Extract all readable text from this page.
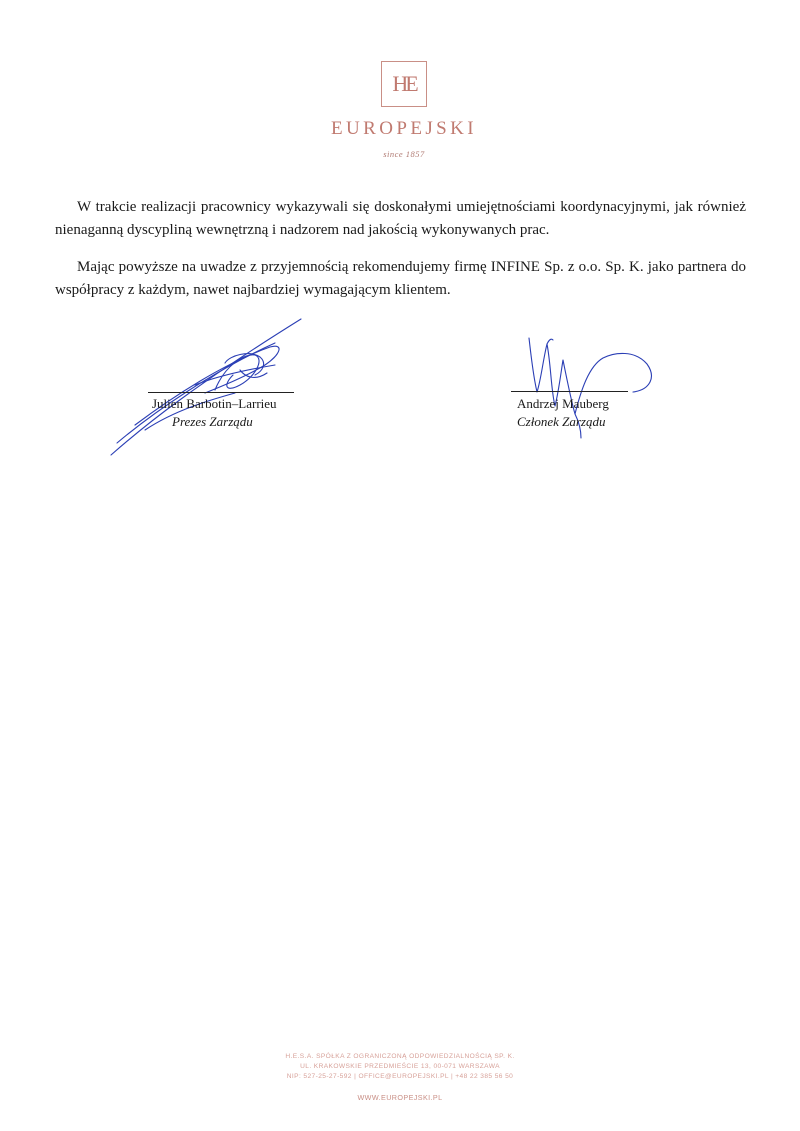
HE
EUROPEJSKI
since 1857

W trakcie realizacji pracownicy wykazywali się doskonałymi umiejętnościami koordynacyjnymi, jak również nienaganną dyscypliną wewnętrzną i nadzorem nad jakością wykonywanych prac.

Mając powyższe na uwadze z przyjemnością rekomendujemy firmę INFINE Sp. z o.o. Sp. K. jako partnera do współpracy z każdym, nawet najbardziej wymagającym klientem.

Julien Barbotin–Larrieu
Prezes Zarządu
Andrzej Mauberg
Członek Zarządu
H.E.S.A. SPÓŁKA Z OGRANICZONĄ ODPOWIEDZIALNOŚCIĄ SP. K.
UL. KRAKOWSKIE PRZEDMIEŚCIE 13, 00-071 WARSZAWA
NIP: 527-25-27-592 | OFFICE@EUROPEJSKI.PL | +48 22 385 56 50
WWW.EUROPEJSKI.PL
